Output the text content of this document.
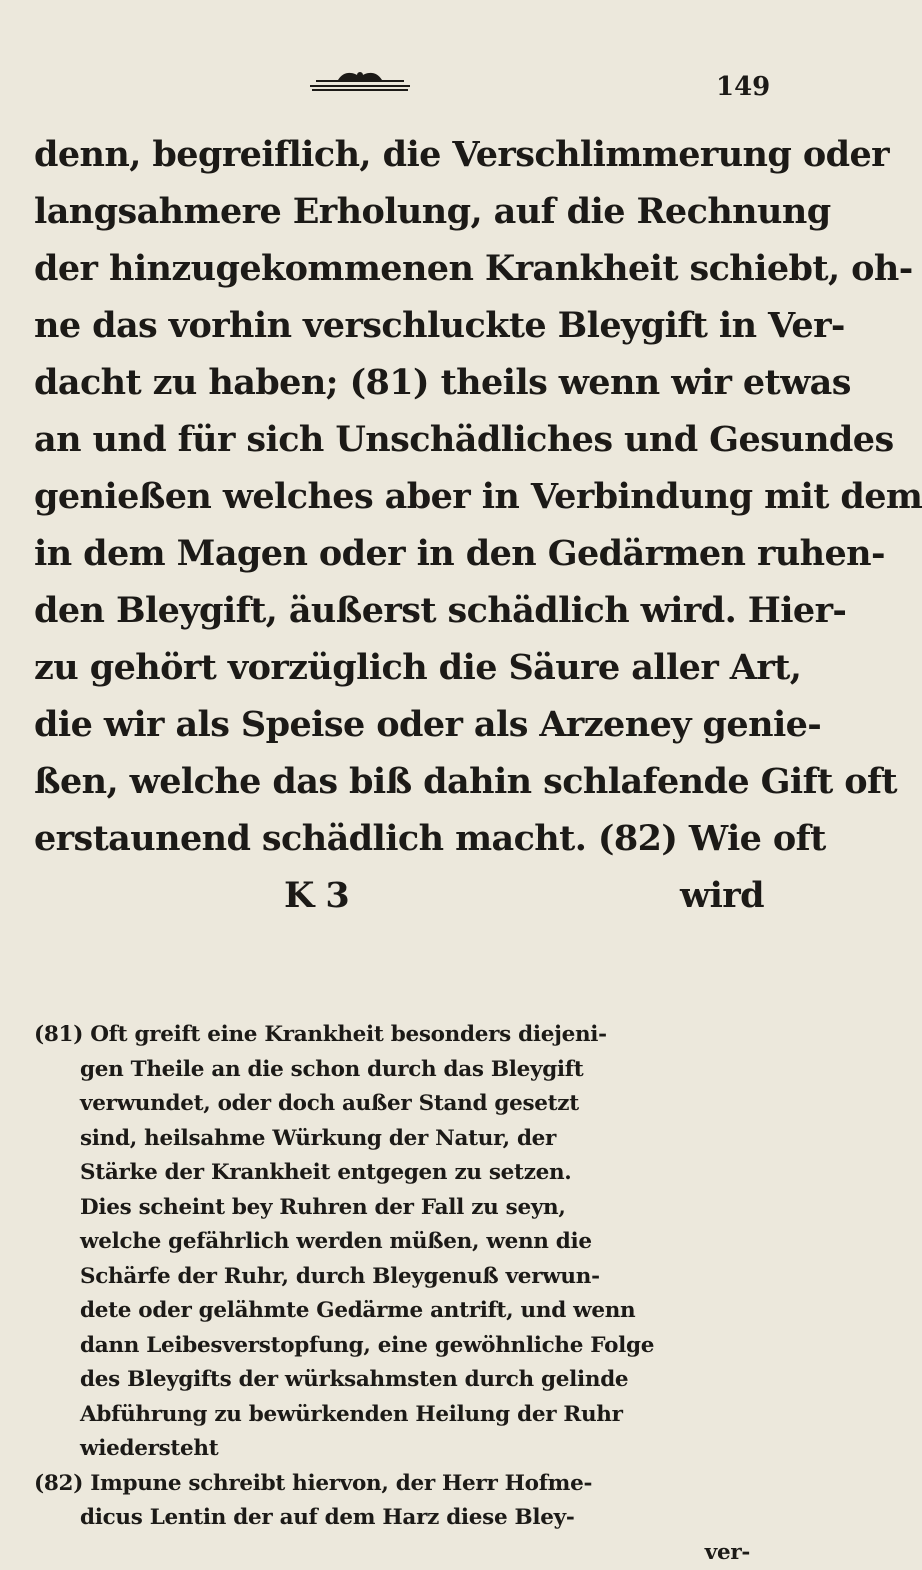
149
denn, begreiflich, die Verschlimmerung oder
langsahmere Erholung, auf die Rechnung
der hinzugekommenen Krankheit schiebt, oh-
ne das vorhin verschluckte Bleygift in Ver-
dacht zu haben; (81) theils wenn wir etwas
an und für sich Unschädliches und Gesundes
genießen welches aber in Verbindung mit dem
in dem Magen oder in den Gedärmen ruhen-
den Bleygift, äußerst schädlich wird. Hier-
zu gehört vorzüglich die Säure aller Art,
die wir als Speise oder als Arzeney genie-
ßen, welche das biß dahin schlafende Gift oft
erstaunend schädlich macht. (82) Wie oft
K 3	wird
(81) Oft greift eine Krankheit besonders diejeni-
gen Theile an die schon durch das Bleygift
verwundet, oder doch außer Stand gesetzt
sind, heilsahme Würkung der Natur, der
Stärke der Krankheit entgegen zu setzen.
Dies scheint bey Ruhren der Fall zu seyn,
welche gefährlich werden müßen, wenn die
Schärfe der Ruhr, durch Bleygenuß verwun-
dete oder gelähmte Gedärme antrift, und wenn
dann Leibesverstopfung, eine gewöhnliche Folge
des Bleygifts der würksahmsten durch gelinde
Abführung zu bewürkenden Heilung der Ruhr
wiedersteht
(82) Impune schreibt hiervon, der Herr Hofme-
dicus Lentin der auf dem Harz diese Bley-
ver-
